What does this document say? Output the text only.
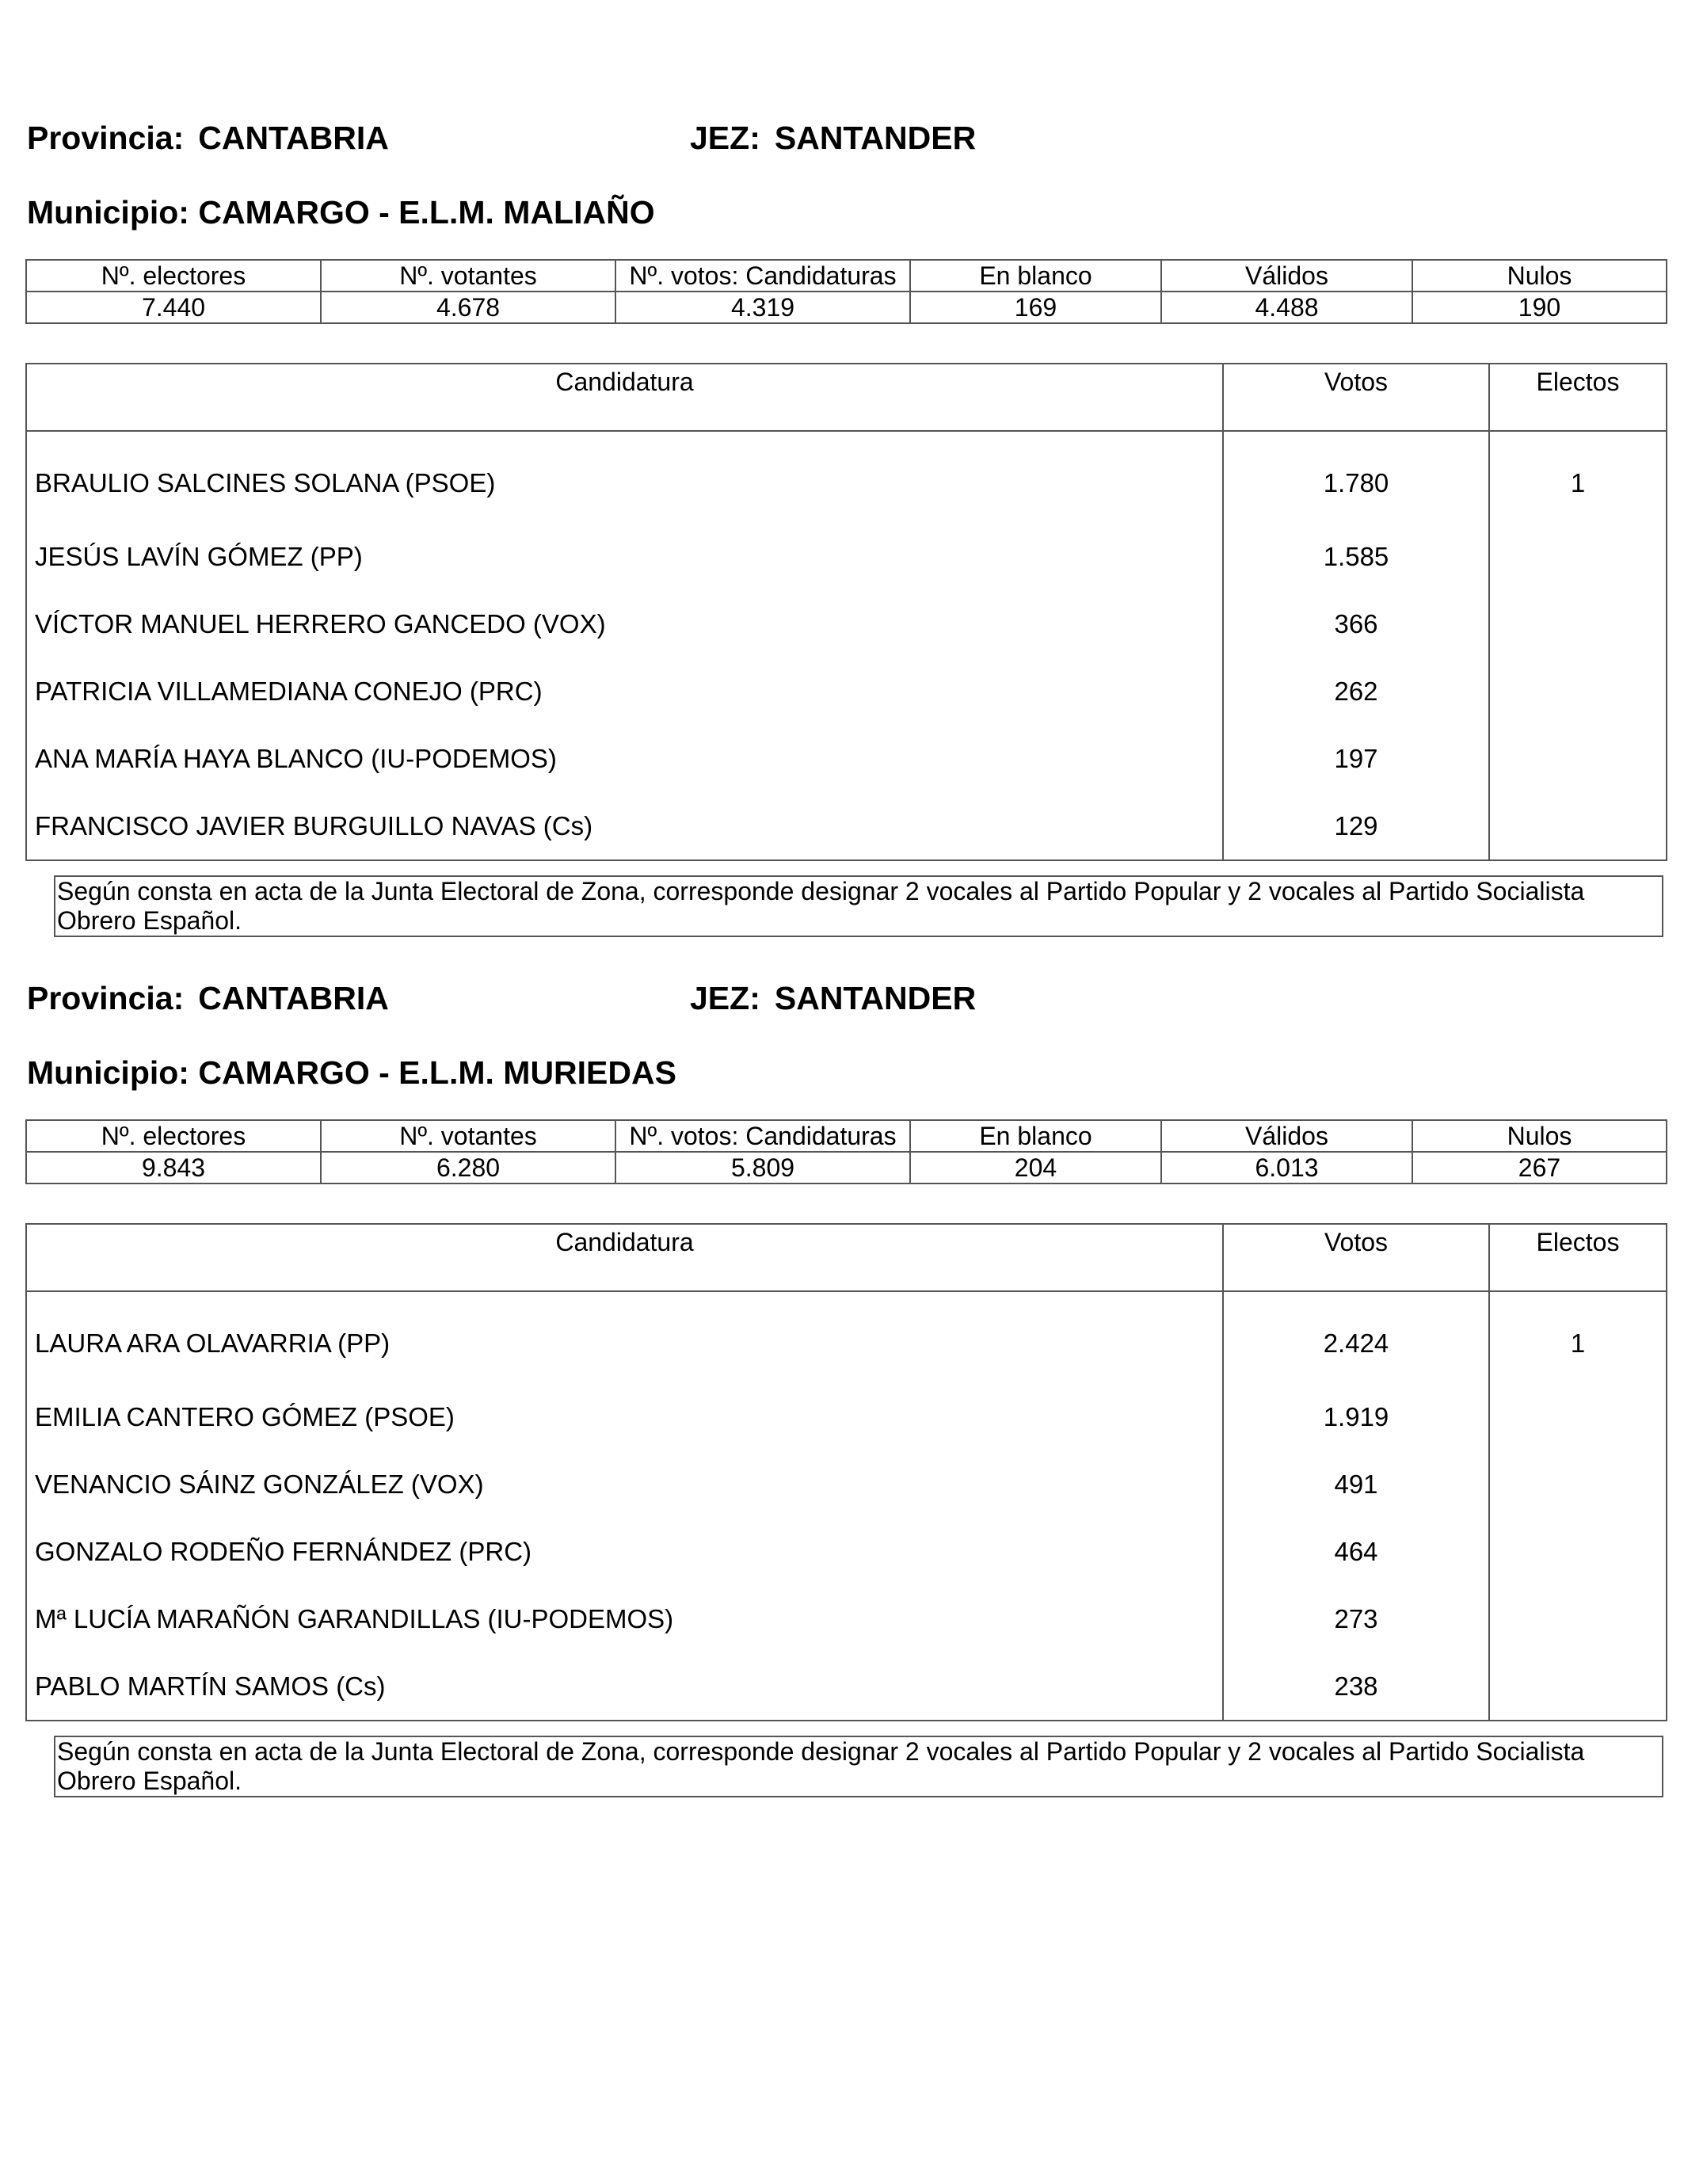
Provincia: CANTABRIA	JEZ: SANTANDER
Municipio: CAMARGO - E.L.M. MALIAÑO
Nº. electores	Nº. votantes	Nº. votos: Candidaturas	En blanco	Válidos	Nulos
7.440	4.678	4.319	169	4.488	190
Candidatura	Votos	Electos
BRAULIO SALCINES SOLANA (PSOE)	1.780	1
JESÚS LAVÍN GÓMEZ (PP)	1.585	
VÍCTOR MANUEL HERRERO GANCEDO (VOX)	366	
PATRICIA VILLAMEDIANA CONEJO (PRC)	262	
ANA MARÍA HAYA BLANCO (IU-PODEMOS)	197	
FRANCISCO JAVIER BURGUILLO NAVAS (Cs)	129	
Según consta en acta de la Junta Electoral de Zona, corresponde designar 2 vocales al Partido Popular y 2 vocales al Partido Socialista
Obrero Español.
Provincia: CANTABRIA	JEZ: SANTANDER
Municipio: CAMARGO - E.L.M. MURIEDAS
Nº. electores	Nº. votantes	Nº. votos: Candidaturas	En blanco	Válidos	Nulos
9.843	6.280	5.809	204	6.013	267
Candidatura	Votos	Electos
LAURA ARA OLAVARRIA (PP)	2.424	1
EMILIA CANTERO GÓMEZ (PSOE)	1.919	
VENANCIO SÁINZ GONZÁLEZ (VOX)	491	
GONZALO RODEÑO FERNÁNDEZ (PRC)	464	
Mª LUCÍA MARAÑÓN GARANDILLAS (IU-PODEMOS)	273	
PABLO MARTÍN SAMOS (Cs)	238	
Según consta en acta de la Junta Electoral de Zona, corresponde designar 2 vocales al Partido Popular y 2 vocales al Partido Socialista
Obrero Español.
